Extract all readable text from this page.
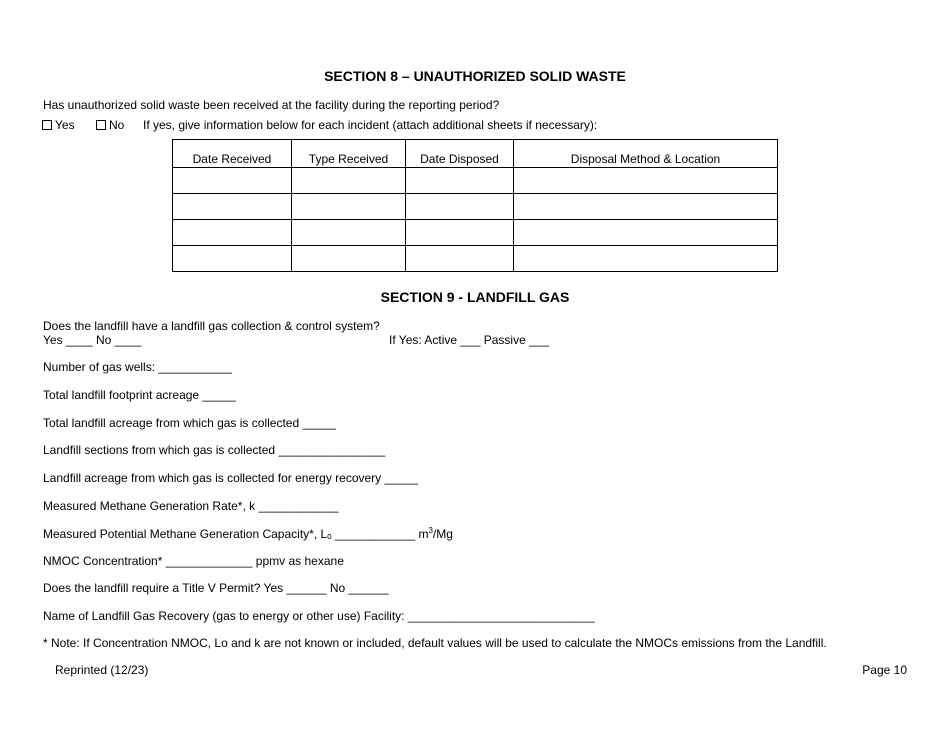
SECTION 8 – UNAUTHORIZED SOLID WASTE
Has unauthorized solid waste been received at the facility during the reporting period?
Yes	No If yes, give information below for each incident (attach additional sheets if necessary):
Date Received	Type Received	Date Disposed	Disposal Method & Location

SECTION 9 - LANDFILL GAS
Does the landfill have a landfill gas collection & control system?
Yes ____ No ____	If Yes: Active ___ Passive ___
Number of gas wells: ___________
Total landfill footprint acreage _____
Total landfill acreage from which gas is collected _____
Landfill sections from which gas is collected ________________
Landfill acreage from which gas is collected for energy recovery _____
Measured Methane Generation Rate*, k ____________
Measured Potential Methane Generation Capacity*, Lₒ ____________ $m^3/Mg$
NMOC Concentration* _____________ ppmv as hexane
Does the landfill require a Title V Permit? Yes ______ No ______
Name of Landfill Gas Recovery (gas to energy or other use) Facility: ____________________________
* Note: If Concentration NMOC, Lo and k are not known or included, default values will be used to calculate the NMOCs emissions from the Landfill.
Reprinted (12/23)	Page 10
